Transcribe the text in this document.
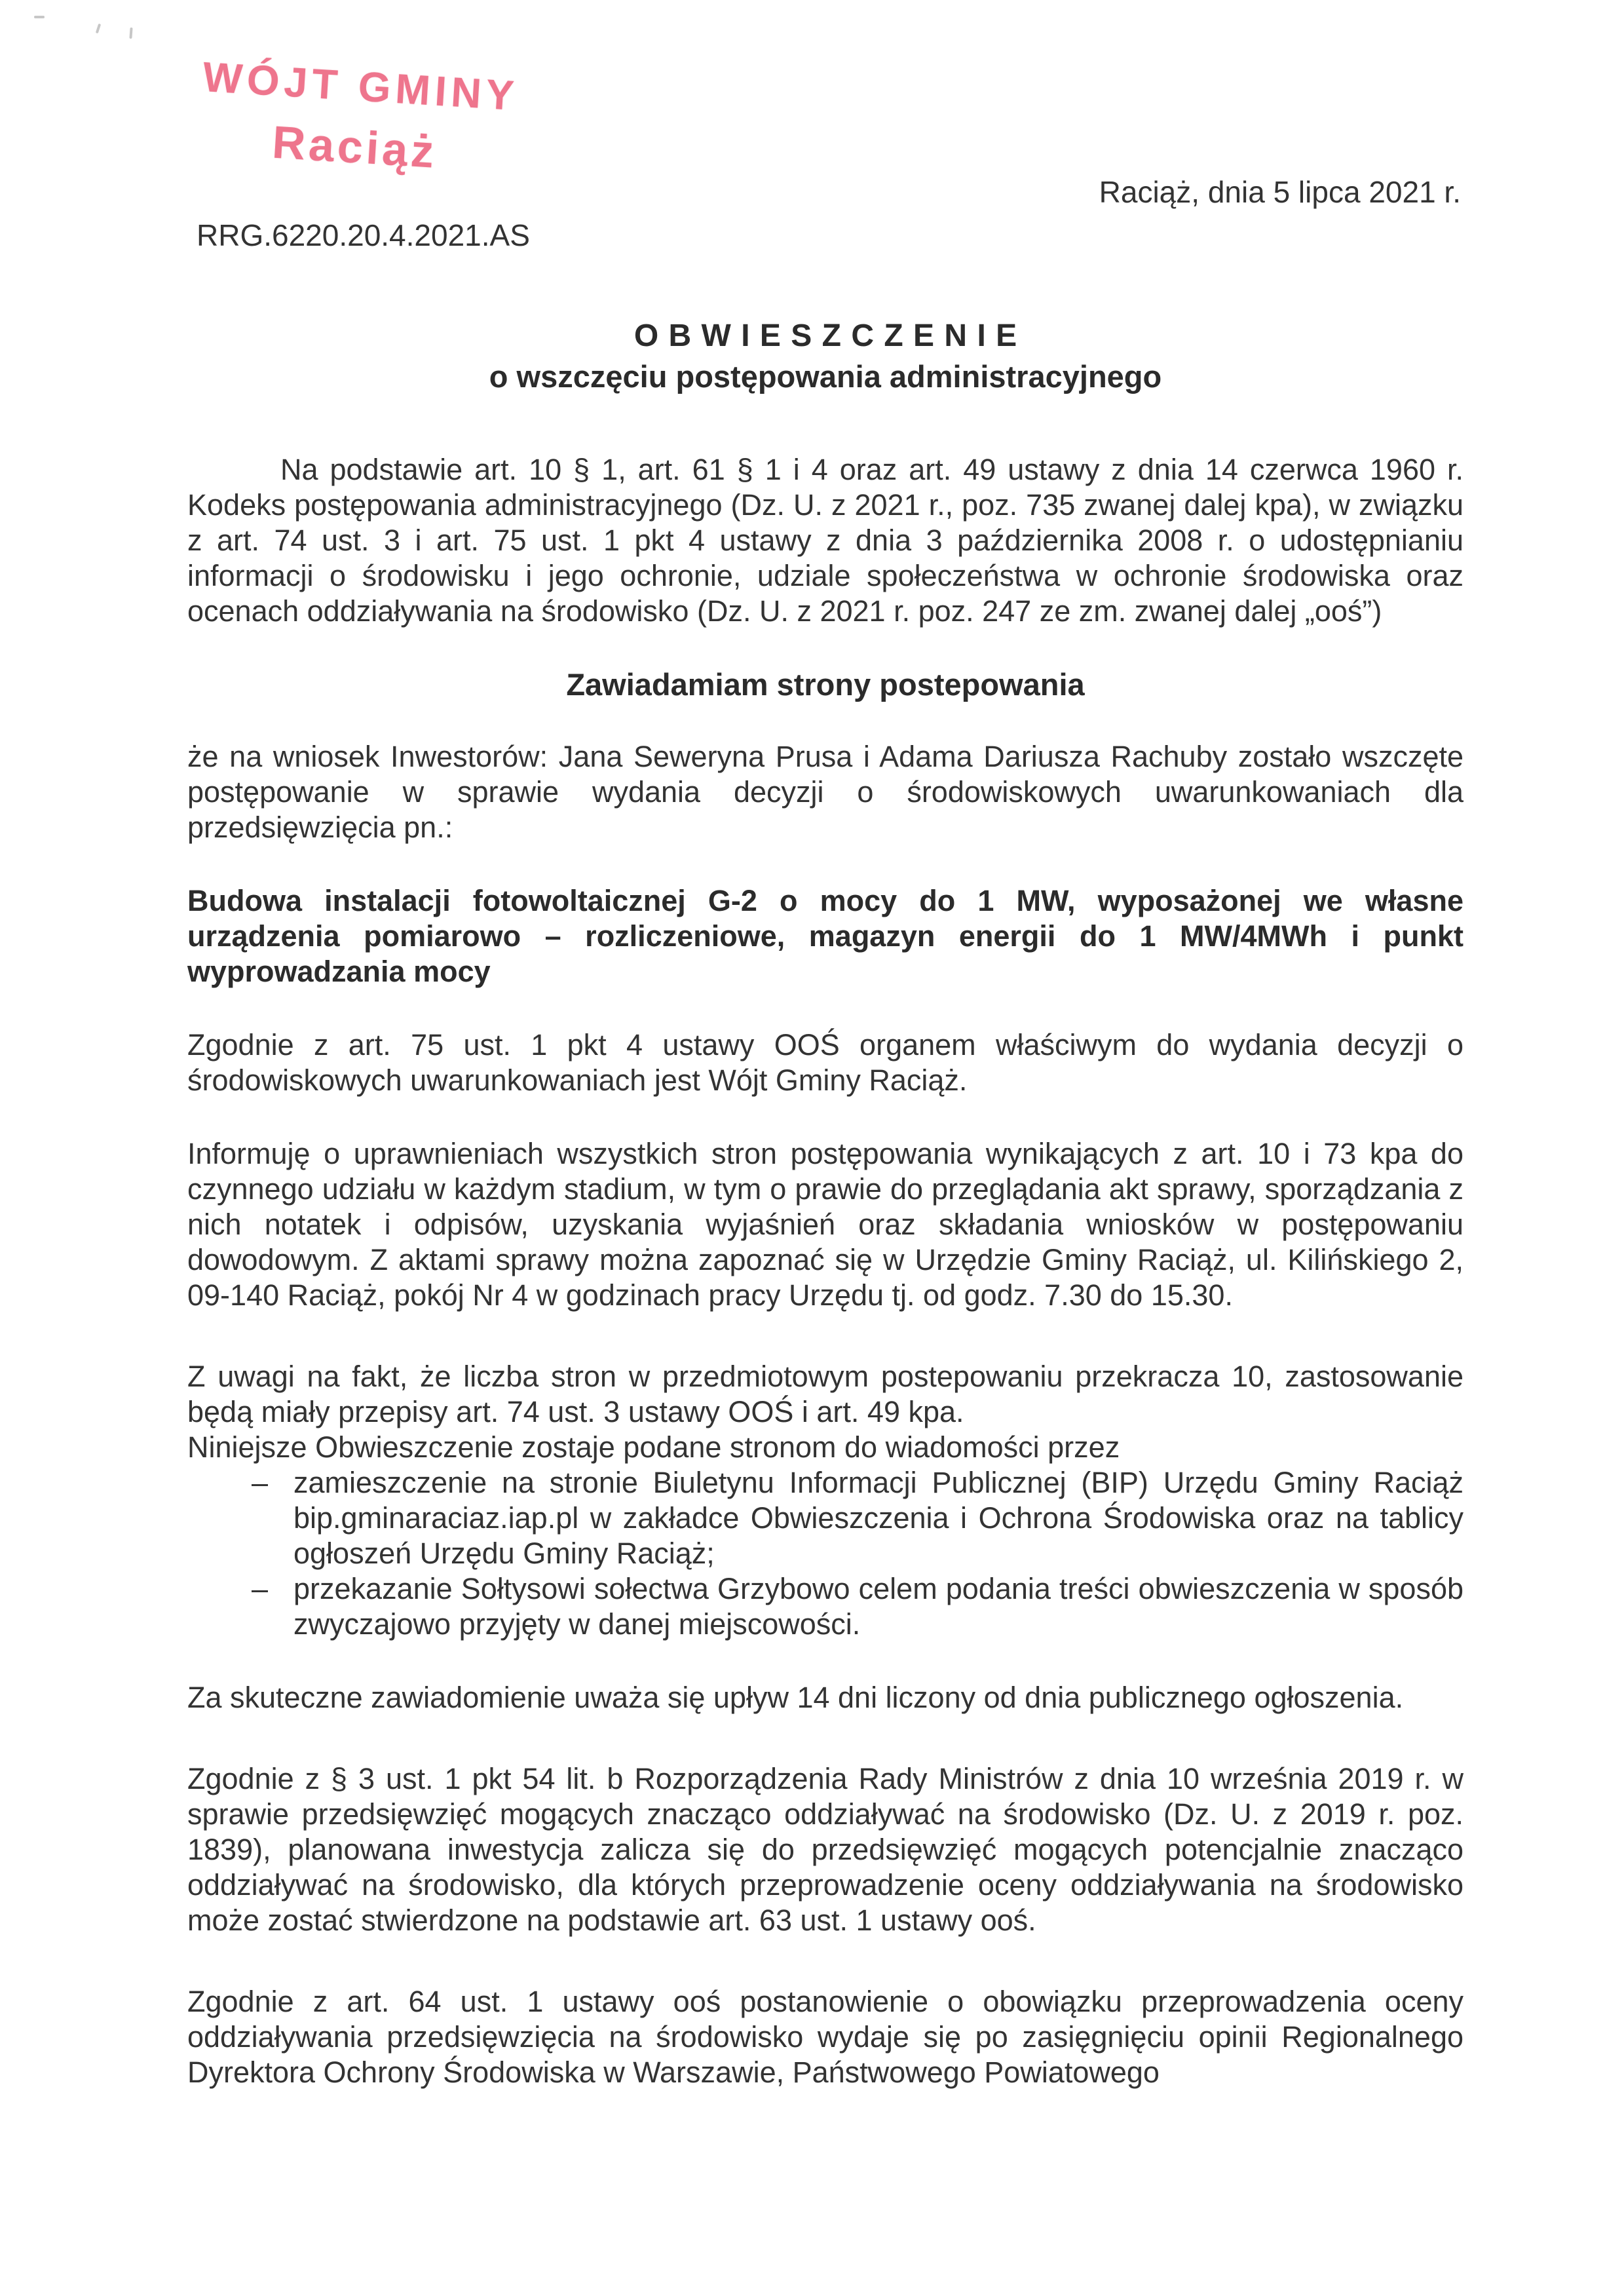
WÓJT GMINY
Raciąż
Raciąż, dnia 5 lipca 2021 r.
RRG.6220.20.4.2021.AS
OBWIESZCZENIE
o wszczęciu postępowania administracyjnego

Na podstawie art. 10 § 1, art. 61 § 1 i 4 oraz art. 49 ustawy z dnia 14 czerwca 1960 r. Kodeks postępowania administracyjnego (Dz. U. z 2021 r., poz. 735 zwanej dalej kpa), w związku z art. 74 ust. 3 i art. 75 ust. 1 pkt 4 ustawy z dnia 3 października 2008 r. o udostępnianiu informacji o środowisku i jego ochronie, udziale społeczeństwa w ochronie środowiska oraz ocenach oddziaływania na środowisko (Dz. U. z 2021 r. poz. 247 ze zm. zwanej dalej „ooś”)

Zawiadamiam strony postepowania

że na wniosek Inwestorów: Jana Seweryna Prusa i Adama Dariusza Rachuby zostało wszczęte postępowanie w sprawie wydania decyzji o środowiskowych uwarunkowaniach dla przedsięwzięcia pn.:

Budowa instalacji fotowoltaicznej G-2 o mocy do 1 MW, wyposażonej we własne urządzenia pomiarowo – rozliczeniowe, magazyn energii do 1 MW/4MWh i punkt wyprowadzania mocy

Zgodnie z art. 75 ust. 1 pkt 4 ustawy OOŚ organem właściwym do wydania decyzji o środowiskowych uwarunkowaniach jest Wójt Gminy Raciąż.

Informuję o uprawnieniach wszystkich stron postępowania wynikających z art. 10 i 73 kpa do czynnego udziału w każdym stadium, w tym o prawie do przeglądania akt sprawy, sporządzania z nich notatek i odpisów, uzyskania wyjaśnień oraz składania wniosków w postępowaniu dowodowym. Z aktami sprawy można zapoznać się w Urzędzie Gminy Raciąż, ul. Kilińskiego 2, 09-140 Raciąż, pokój Nr 4 w godzinach pracy Urzędu tj. od godz. 7.30 do 15.30.

Z uwagi na fakt, że liczba stron w przedmiotowym postepowaniu przekracza 10, zastosowanie będą miały przepisy art. 74 ust. 3 ustawy OOŚ i art. 49 kpa.

Niniejsze Obwieszczenie zostaje podane stronom do wiadomości przez

– zamieszczenie na stronie Biuletynu Informacji Publicznej (BIP) Urzędu Gminy Raciąż bip.gminaraciaz.iap.pl w zakładce Obwieszczenia i Ochrona Środowiska oraz na tablicy ogłoszeń Urzędu Gminy Raciąż;
– przekazanie Sołtysowi sołectwa Grzybowo celem podania treści obwieszczenia w sposób zwyczajowo przyjęty w danej miejscowości.

Za skuteczne zawiadomienie uważa się upływ 14 dni liczony od dnia publicznego ogłoszenia.

Zgodnie z § 3 ust. 1 pkt 54 lit. b Rozporządzenia Rady Ministrów z dnia 10 września 2019 r. w sprawie przedsięwzięć mogących znacząco oddziaływać na środowisko (Dz. U. z 2019 r. poz. 1839), planowana inwestycja zalicza się do przedsięwzięć mogących potencjalnie znacząco oddziaływać na środowisko, dla których przeprowadzenie oceny oddziaływania na środowisko może zostać stwierdzone na podstawie art. 63 ust. 1 ustawy ooś.

Zgodnie z art. 64 ust. 1 ustawy ooś postanowienie o obowiązku przeprowadzenia oceny oddziaływania przedsięwzięcia na środowisko wydaje się po zasięgnięciu opinii Regionalnego Dyrektora Ochrony Środowiska w Warszawie, Państwowego Powiatowego
